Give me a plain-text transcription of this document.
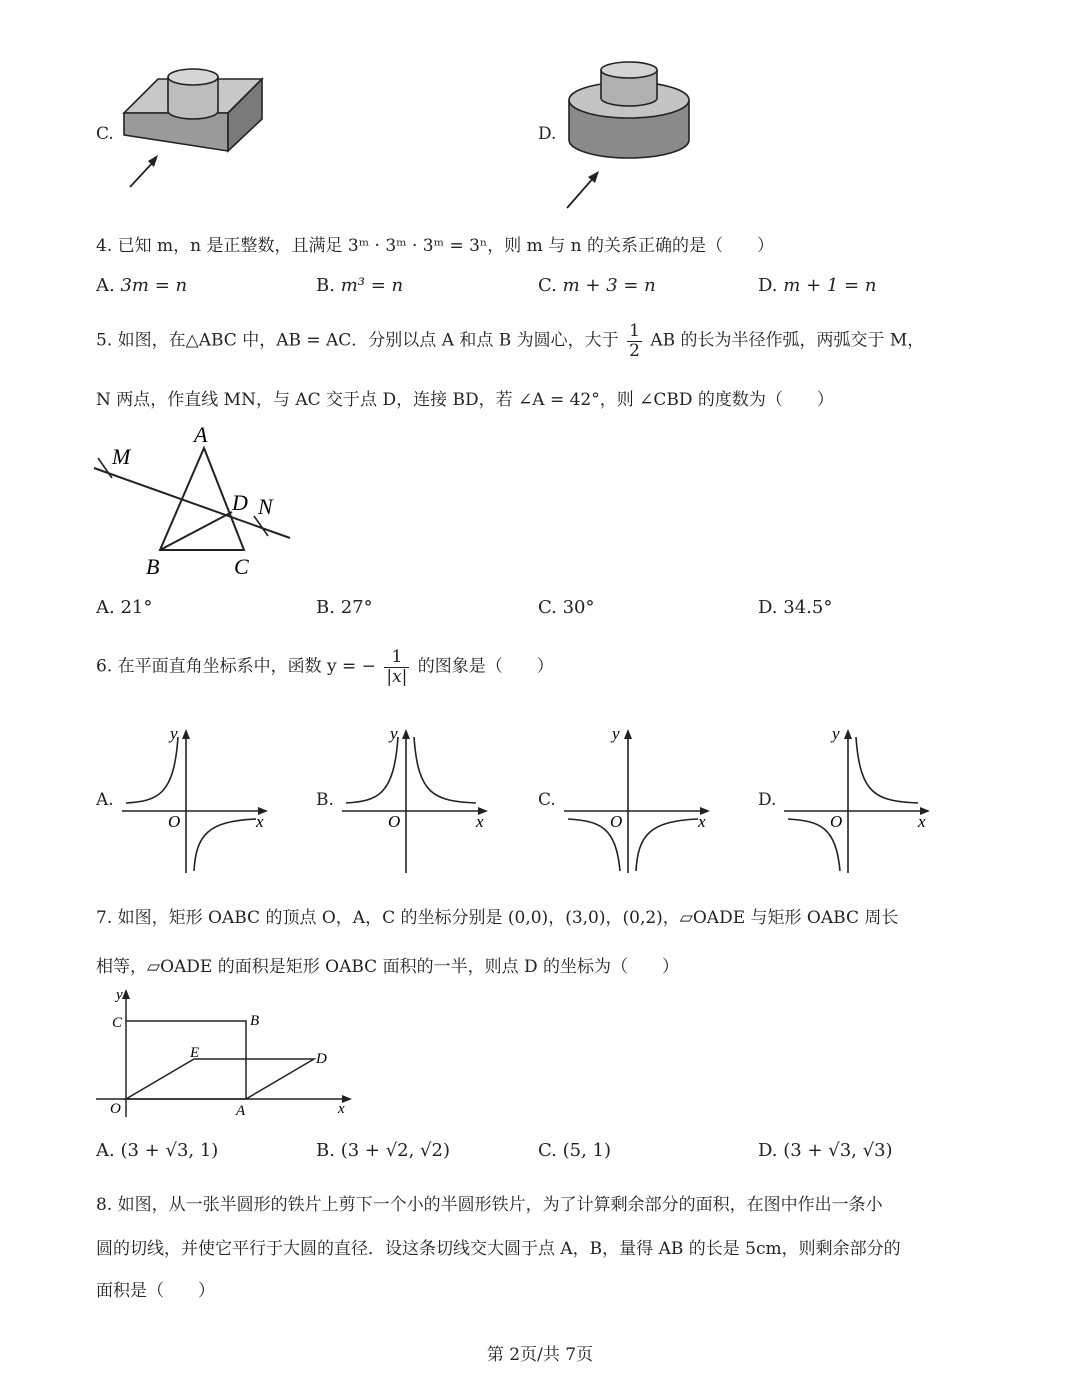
C.	D.
4. 已知 m，n 是正整数，且满足 3ᵐ · 3ᵐ · 3ᵐ = 3ⁿ，则 m 与 n 的关系正确的是（　　）
A. 3m = n	B. m³ = n	C. m + 3 = n	D. m + 1 = n
5. 如图，在△ABC 中，AB = AC．分别以点 A 和点 B 为圆心，大于 $\frac{1}{2}$ AB 的长为半径作弧，两弧交于 M，
N 两点，作直线 MN，与 AC 交于点 D，连接 BD，若 ∠A = 42°，则 ∠CBD 的度数为（　　）
M
A
D N
B	C
A. 21°	B. 27°	C. 30°	D. 34.5°
6. 在平面直角坐标系中，函数 y = − $\frac{1}{|x|}$ 的图象是（　　）
A.
y
x
O
B.
y
x
O
C.
y
x
O
D.
y
x
O
7. 如图，矩形 OABC 的顶点 O，A，C 的坐标分别是 (0,0)，(3,0)，(0,2)，▱OADE 与矩形 OABC 周长
相等，▱OADE 的面积是矩形 OABC 面积的一半，则点 D 的坐标为（　　）
y
C	B
E	D
O	A	x
A. (3 + √3, 1)	B. (3 + √2, √2)	C. (5, 1)	D. (3 + √3, √3)
8. 如图，从一张半圆形的铁片上剪下一个小的半圆形铁片，为了计算剩余部分的面积，在图中作出一条小
圆的切线，并使它平行于大圆的直径．设这条切线交大圆于点 A，B，量得 AB 的长是 5cm，则剩余部分的
面积是（　　）
第 2页/共 7页
